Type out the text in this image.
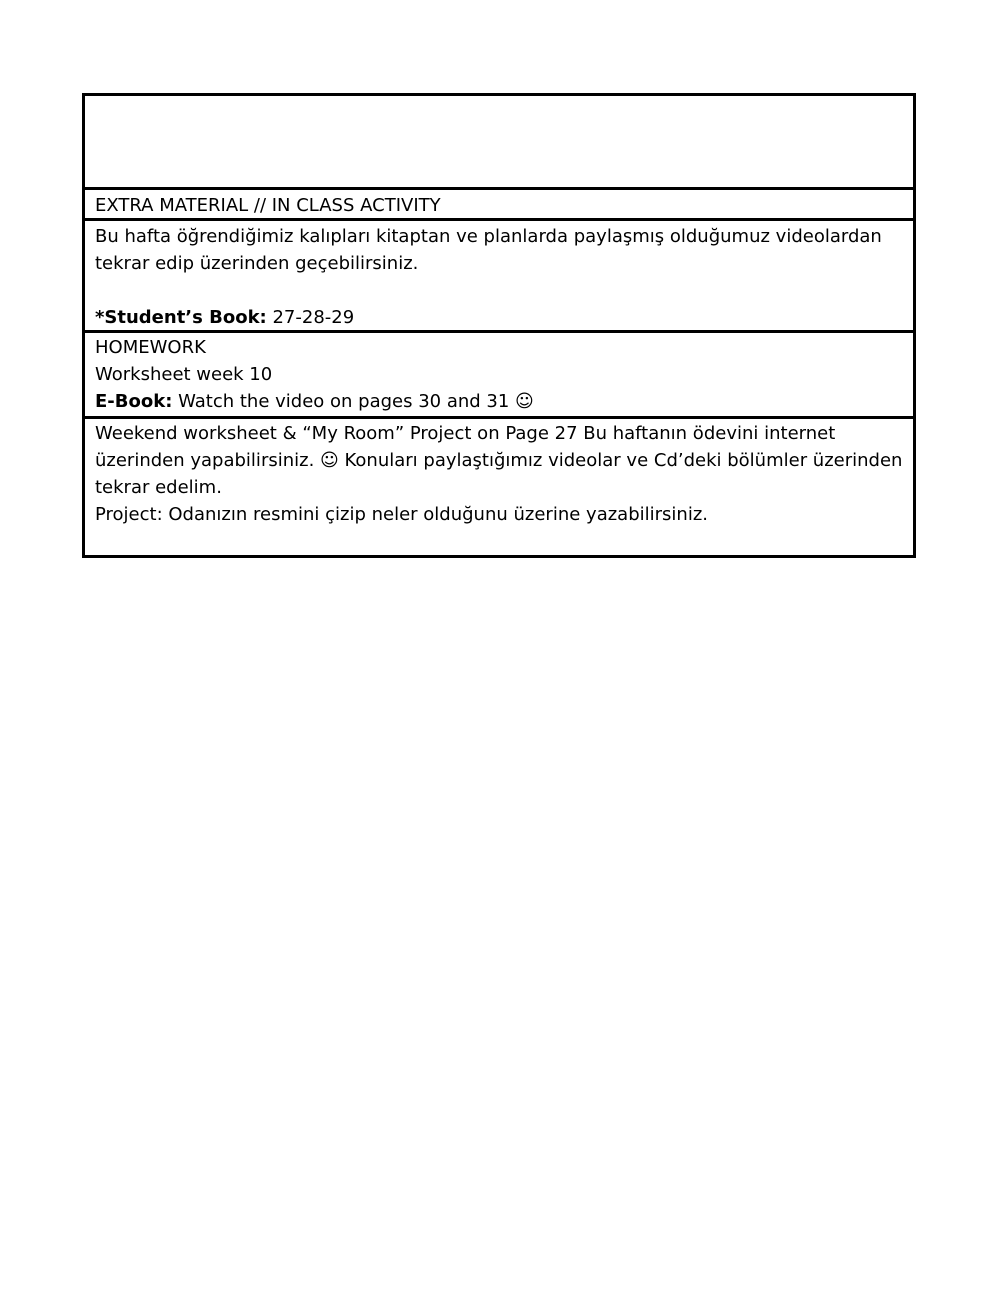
EXTRA MATERIAL // IN CLASS ACTIVITY
Bu hafta öğrendiğimiz kalıpları kitaptan ve planlarda paylaşmış olduğumuz videolardan
tekrar edip üzerinden geçebilirsiniz.
*Student’s Book: 27-28-29
HOMEWORK
Worksheet week 10
E-Book: Watch the video on pages 30 and 31 ☺
Weekend worksheet & “My Room” Project on Page 27 Bu haftanın ödevini internet
üzerinden yapabilirsiniz. ☺ Konuları paylaştığımız videolar ve Cd’deki bölümler üzerinden
tekrar edelim.
Project: Odanızın resmini çizip neler olduğunu üzerine yazabilirsiniz.
